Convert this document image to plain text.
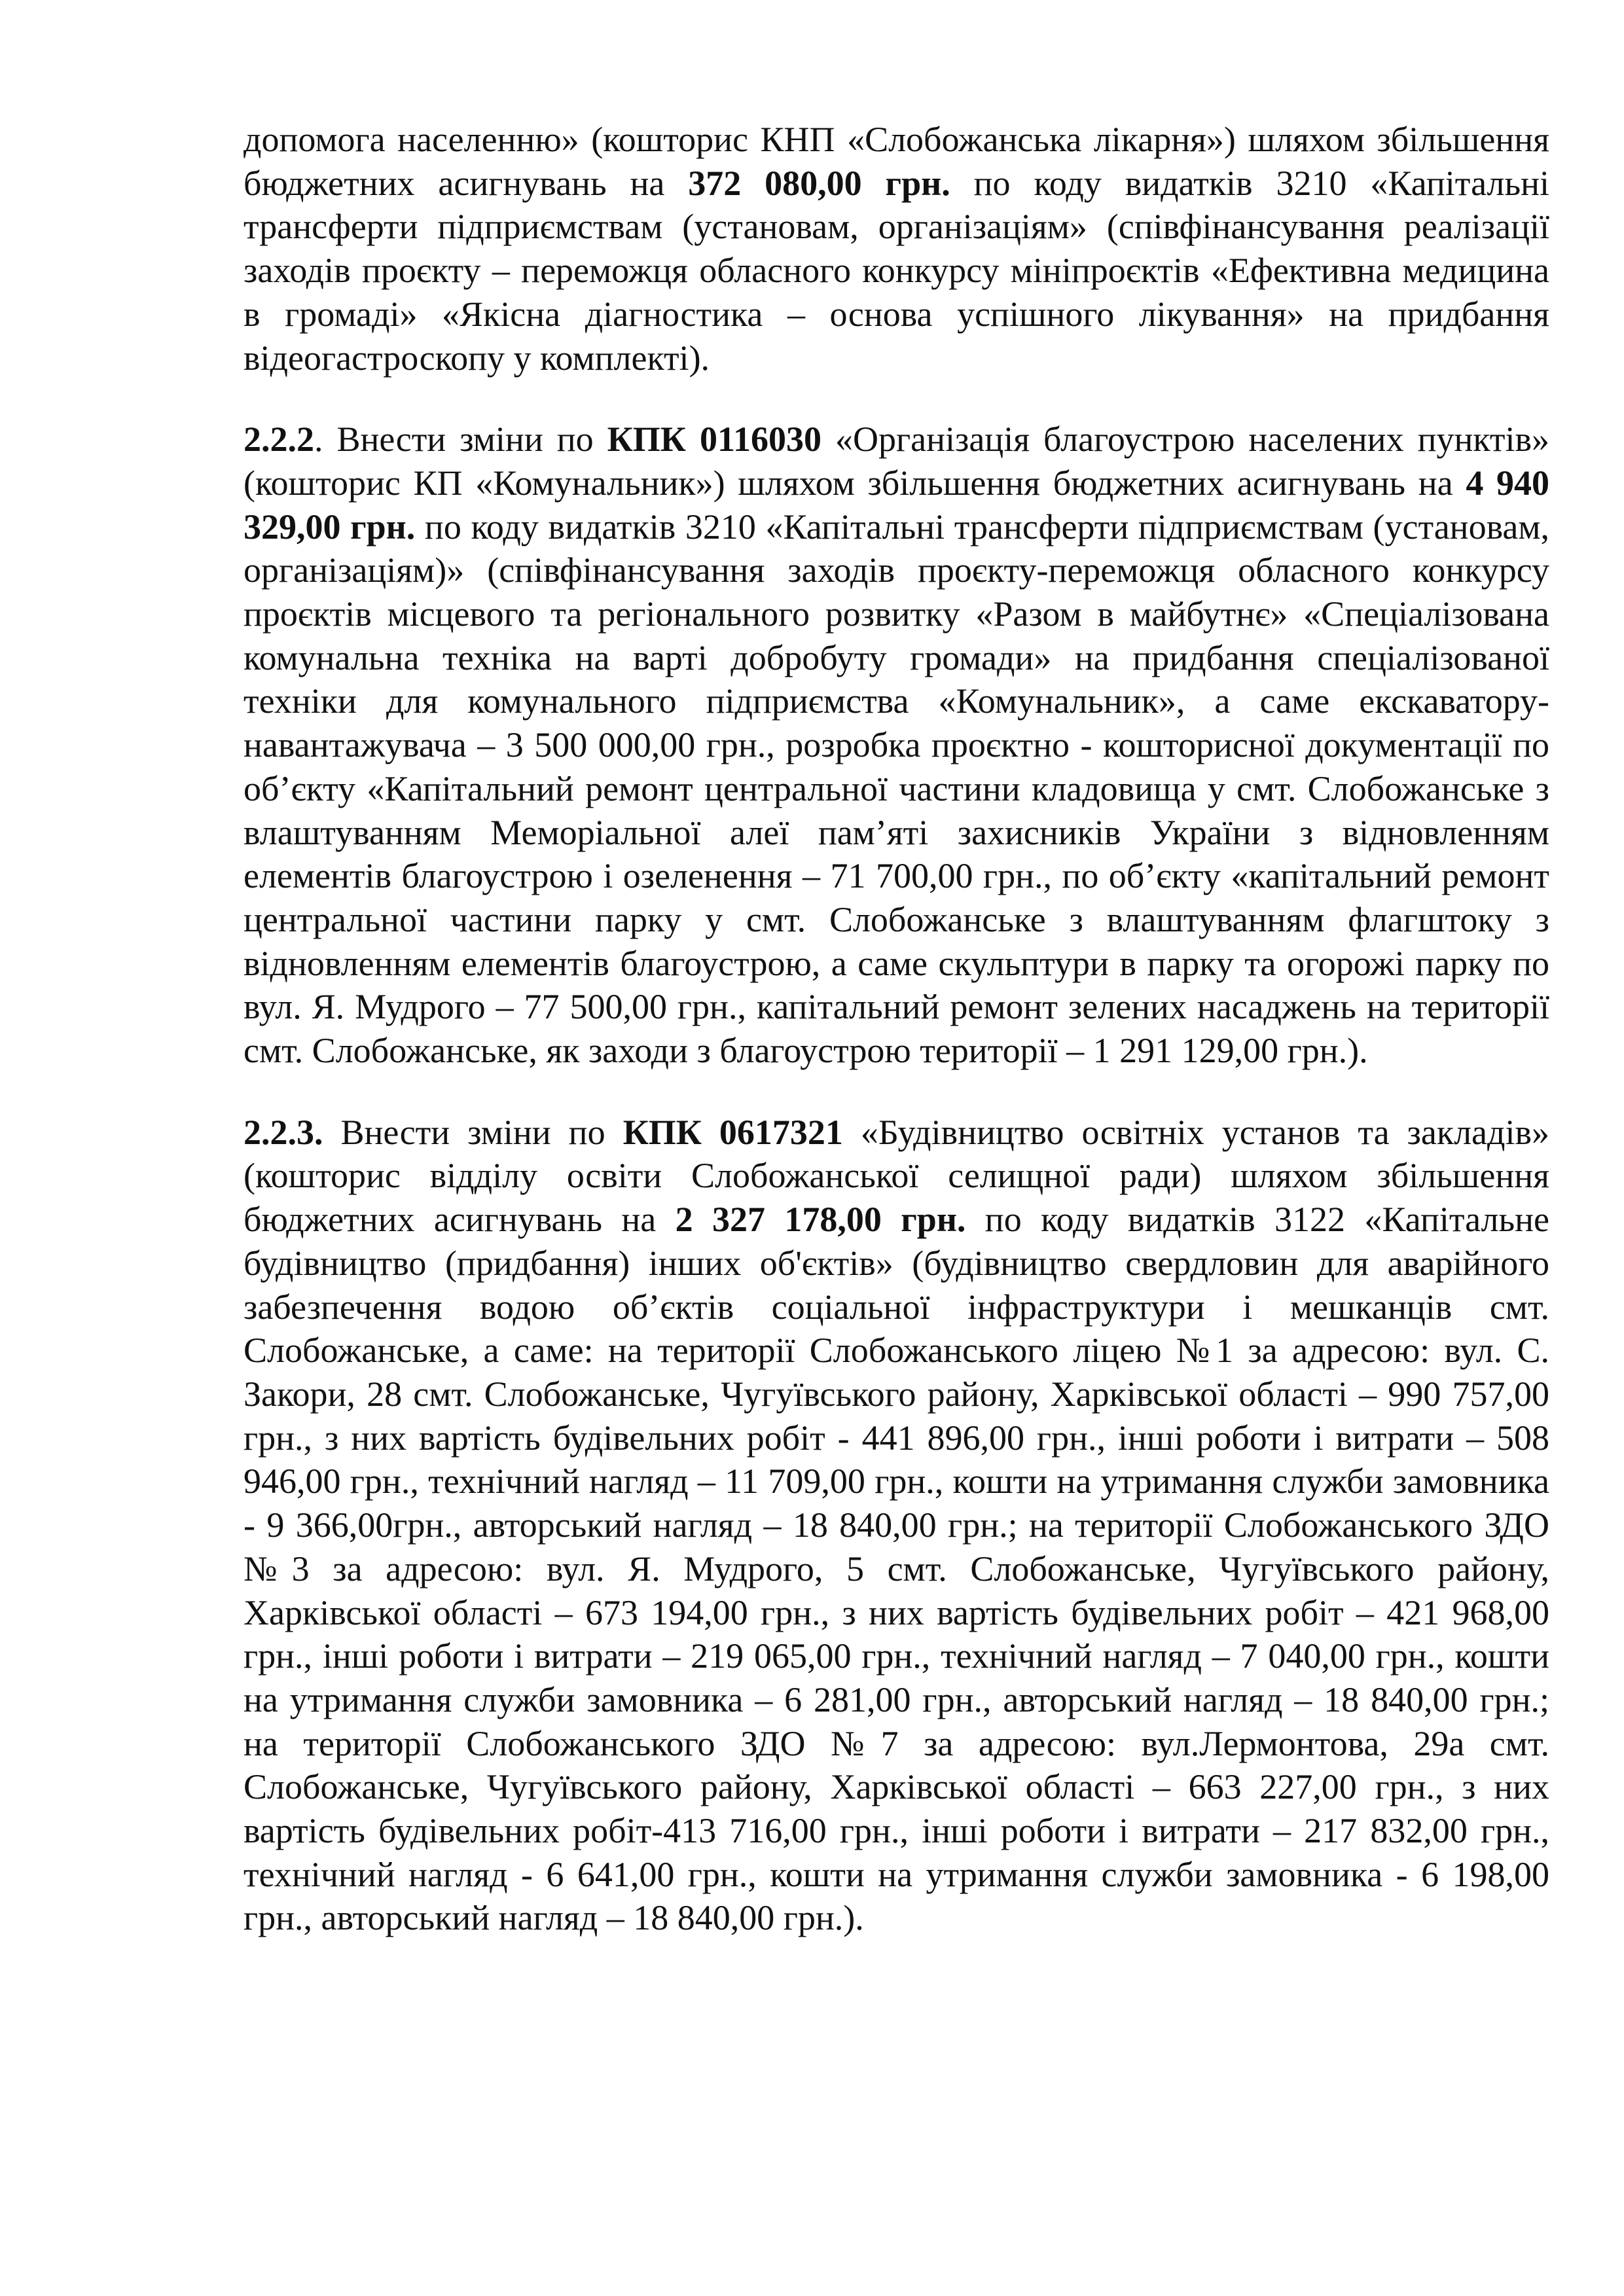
допомога населенню» (кошторис КНП «Слобожанська лікарня») шляхом збільшення бюджетних асигнувань на 372 080,00 грн. по коду видатків 3210 «Капітальні трансферти підприємствам (установам, організаціям» (співфінансування реалізації заходів проєкту – переможця обласного конкурсу мініпроєктів «Ефективна медицина в громаді» «Якісна діагностика – основа успішного лікування» на придбання відеогастроскопу у комплекті).

2.2.2. Внести зміни по КПК 0116030 «Організація благоустрою населених пунктів» (кошторис КП «Комунальник») шляхом збільшення бюджетних асигнувань на 4 940 329,00 грн. по коду видатків 3210 «Капітальні трансферти підприємствам (установам, організаціям)» (співфінансування заходів проєкту-переможця обласного конкурсу проєктів місцевого та регіонального розвитку «Разом в майбутнє» «Спеціалізована комунальна техніка на варті добробуту громади» на придбання спеціалізованої техніки для комунального підприємства «Комунальник», а саме екскаватору-навантажувача – 3 500 000,00 грн., розробка проєктно - кошторисної документації по об’єкту «Капітальний ремонт центральної частини кладовища у смт. Слобожанське з влаштуванням Меморіальної алеї пам’яті захисників України з відновленням елементів благоустрою і озеленення – 71 700,00 грн., по об’єкту «капітальний ремонт центральної частини парку у смт. Слобожанське з влаштуванням флагштоку з відновленням елементів благоустрою, а саме скульптури в парку та огорожі парку по вул. Я. Мудрого – 77 500,00 грн., капітальний ремонт зелених насаджень на території смт. Слобожанське, як заходи з благоустрою території – 1 291 129,00 грн.).

2.2.3. Внести зміни по КПК 0617321 «Будівництво освітніх установ та закладів» (кошторис відділу освіти Слобожанської селищної ради) шляхом збільшення бюджетних асигнувань на 2 327 178,00 грн. по коду видатків 3122 «Капітальне будівництво (придбання) інших об'єктів» (будівництво свердловин для аварійного забезпечення водою об’єктів соціальної інфраструктури і мешканців смт. Слобожанське, а саме: на території Слобожанського ліцею №1 за адресою: вул. С. Закори, 28 смт. Слобожанське, Чугуївського району, Харківської області – 990 757,00 грн., з них вартість будівельних робіт - 441 896,00 грн., інші роботи і витрати – 508 946,00 грн., технічний нагляд – 11 709,00 грн., кошти на утримання служби замовника - 9 366,00грн., авторський нагляд – 18 840,00 грн.; на території Слобожанського ЗДО №3 за адресою: вул. Я. Мудрого, 5 смт. Слобожанське, Чугуївського району, Харківської області – 673 194,00 грн., з них вартість будівельних робіт – 421 968,00 грн., інші роботи і витрати – 219 065,00 грн., технічний нагляд – 7 040,00 грн., кошти на утримання служби замовника – 6 281,00 грн., авторський нагляд – 18 840,00 грн.; на території Слобожанського ЗДО №7 за адресою: вул.Лермонтова, 29а смт. Слобожанське, Чугуївського району, Харківської області – 663 227,00 грн., з них вартість будівельних робіт-413 716,00 грн., інші роботи і витрати – 217 832,00 грн., технічний нагляд - 6 641,00 грн., кошти на утримання служби замовника - 6 198,00 грн., авторський нагляд – 18 840,00 грн.).
